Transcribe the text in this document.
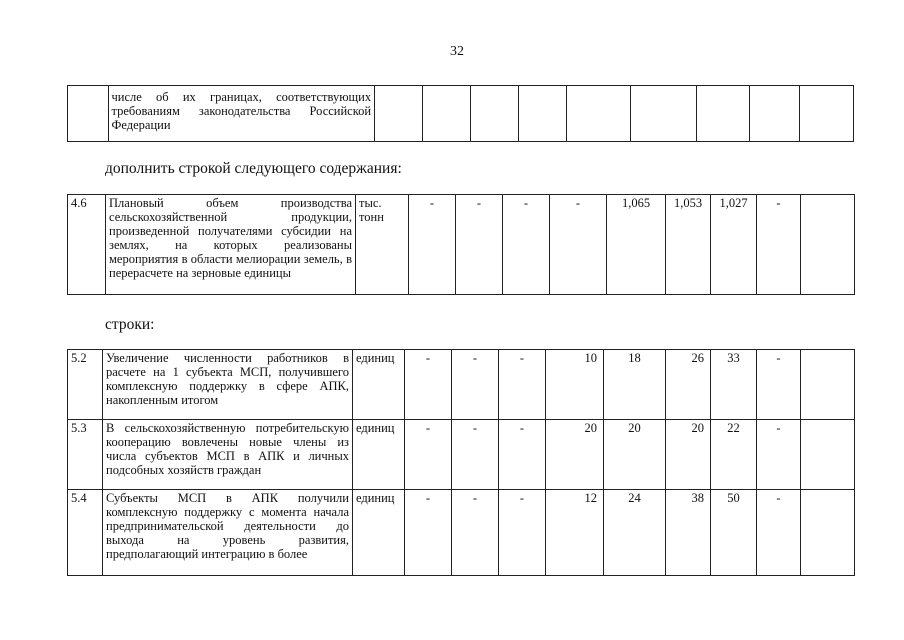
32
	числе об их границах, соответствующих требованиям законодательства Российской Федерации									
дополнить строкой следующего содержания:
4.6	Плановый объем производства сельскохозяйственной продукции, произведенной получателями субсидии на землях, на которых реализованы мероприятия в области мелиорации земель, в перерасчете на зерновые единицы	тыс. тонн	-	-	-	-	1,065	1,053	1,027	-	
строки:
5.2	Увеличение численности работников в расчете на 1 субъекта МСП, получившего комплексную поддержку в сфере АПК, накопленным итогом	единиц	-	-	-	10	18	26	33	-	
5.3	В сельскохозяйственную потребительскую кооперацию вовлечены новые члены из числа субъектов МСП в АПК и личных подсобных хозяйств граждан	единиц	-	-	-	20	20	20	22	-	
5.4	Субъекты МСП в АПК получили комплексную поддержку с момента начала предпринимательской деятельности до выхода на уровень развития, предполагающий интеграцию в более	единиц	-	-	-	12	24	38	50	-	
